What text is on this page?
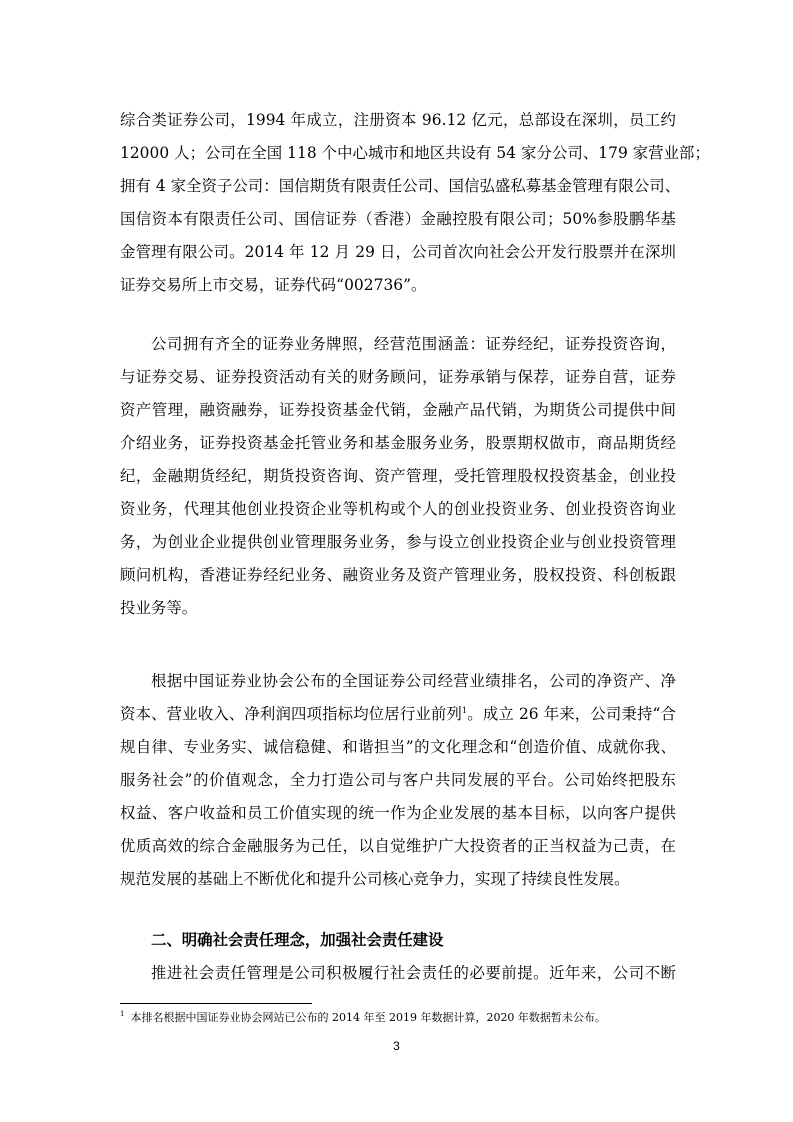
综合类证券公司，1994 年成立，注册资本 96.12 亿元，总部设在深圳，员工约
12000 人；公司在全国 118 个中心城市和地区共设有 54 家分公司、179 家营业部；
拥有 4 家全资子公司：国信期货有限责任公司、国信弘盛私募基金管理有限公司、
国信资本有限责任公司、国信证券（香港）金融控股有限公司；50%参股鹏华基
金管理有限公司。2014 年 12 月 29 日，公司首次向社会公开发行股票并在深圳
证券交易所上市交易，证券代码“002736”。
公司拥有齐全的证券业务牌照，经营范围涵盖：证券经纪，证券投资咨询，
与证券交易、证券投资活动有关的财务顾问，证券承销与保荐，证券自营，证券
资产管理，融资融券，证券投资基金代销，金融产品代销，为期货公司提供中间
介绍业务，证券投资基金托管业务和基金服务业务，股票期权做市，商品期货经
纪，金融期货经纪，期货投资咨询、资产管理，受托管理股权投资基金，创业投
资业务，代理其他创业投资企业等机构或个人的创业投资业务、创业投资咨询业
务，为创业企业提供创业管理服务业务，参与设立创业投资企业与创业投资管理
顾问机构，香港证券经纪业务、融资业务及资产管理业务，股权投资、科创板跟
投业务等。
根据中国证券业协会公布的全国证券公司经营业绩排名，公司的净资产、净
资本、营业收入、净利润四项指标均位居行业前列$^1$。成立 26 年来，公司秉持“合
规自律、专业务实、诚信稳健、和谐担当”的文化理念和“创造价值、成就你我、
服务社会”的价值观念，全力打造公司与客户共同发展的平台。公司始终把股东
权益、客户收益和员工价值实现的统一作为企业发展的基本目标，以向客户提供
优质高效的综合金融服务为己任，以自觉维护广大投资者的正当权益为己责，在
规范发展的基础上不断优化和提升公司核心竞争力，实现了持续良性发展。
二、明确社会责任理念，加强社会责任建设
推进社会责任管理是公司积极履行社会责任的必要前提。近年来，公司不断
$^1$ 本排名根据中国证券业协会网站已公布的 2014 年至 2019 年数据计算，2020 年数据暂未公布。
3
